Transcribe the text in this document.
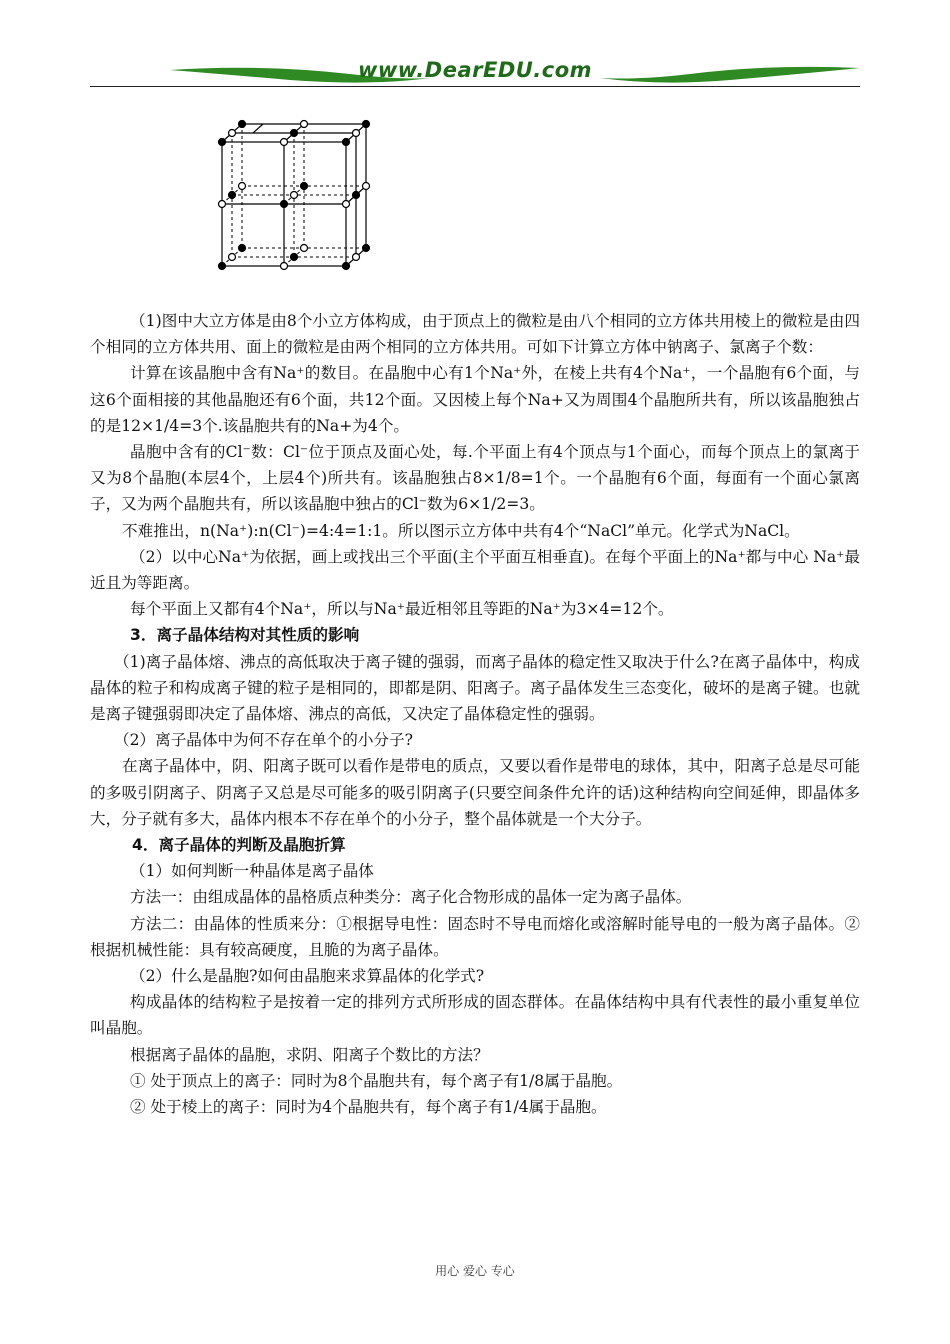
www.DearEDU.com

（1)图中大立方体是由8个小立方体构成，由于顶点上的微粒是由八个相同的立方体共用棱上的微粒是由四个相同的立方体共用、面上的微粒是由两个相同的立方体共用。可如下计算立方体中钠离子、氯离子个数：

计算在该晶胞中含有Na⁺的数目。在晶胞中心有1个Na⁺外，在棱上共有4个Na⁺，一个晶胞有6个面，与这6个面相接的其他晶胞还有6个面，共12个面。又因棱上每个Na+又为周围4个晶胞所共有，所以该晶胞独占的是12×1/4=3个.该晶胞共有的Na+为4个。

晶胞中含有的Cl⁻数：Cl⁻位于顶点及面心处，每.个平面上有4个顶点与1个面心，而每个顶点上的氯离于又为8个晶胞(本层4个，上层4个)所共有。该晶胞独占8×1/8=1个。一个晶胞有6个面，每面有一个面心氯离子，又为两个晶胞共有，所以该晶胞中独占的Cl⁻数为6×1/2=3。

不难推出，n(Na⁺):n(Cl⁻)=4:4=1:1。所以图示立方体中共有4个“NaCl”单元。化学式为NaCl。

（2）以中心Na⁺为依据，画上或找出三个平面(主个平面互相垂直)。在每个平面上的Na⁺都与中心 Na⁺最近且为等距离。

每个平面上又都有4个Na⁺，所以与Na⁺最近相邻且等距的Na⁺为3×4=12个。

3．离子晶体结构对其性质的影响

（1)离子晶体熔、沸点的高低取决于离子键的强弱，而离子晶体的稳定性又取决于什么?在离子晶体中，构成晶体的粒子和构成离子键的粒子是相同的，即都是阴、阳离子。离子晶体发生三态变化，破坏的是离子键。也就是离子键强弱即决定了晶体熔、沸点的高低，又决定了晶体稳定性的强弱。

（2）离子晶体中为何不存在单个的小分子?

在离子晶体中，阴、阳离子既可以看作是带电的质点，又要以看作是带电的球体，其中，阳离子总是尽可能的多吸引阴离子、阴离子又总是尽可能多的吸引阴离子(只要空间条件允许的话)这种结构向空间延伸，即晶体多大，分子就有多大，晶体内根本不存在单个的小分子，整个晶体就是一个大分子。

4．离子晶体的判断及晶胞折算

（1）如何判断一种晶体是离子晶体

方法一：由组成晶体的晶格质点种类分：离子化合物形成的晶体一定为离子晶体。

方法二：由晶体的性质来分：①根据导电性：固态时不导电而熔化或溶解时能导电的一般为离子晶体。②根据机械性能：具有较高硬度，且脆的为离子晶体。

（2）什么是晶胞?如何由晶胞来求算晶体的化学式?

构成晶体的结构粒子是按着一定的排列方式所形成的固态群体。在晶体结构中具有代表性的最小重复单位叫晶胞。

根据离子晶体的晶胞，求阴、阳离子个数比的方法？

① 处于顶点上的离子：同时为8个晶胞共有，每个离子有1/8属于晶胞。

② 处于棱上的离子：同时为4个晶胞共有，每个离子有1/4属于晶胞。

用心 爱心 专心
